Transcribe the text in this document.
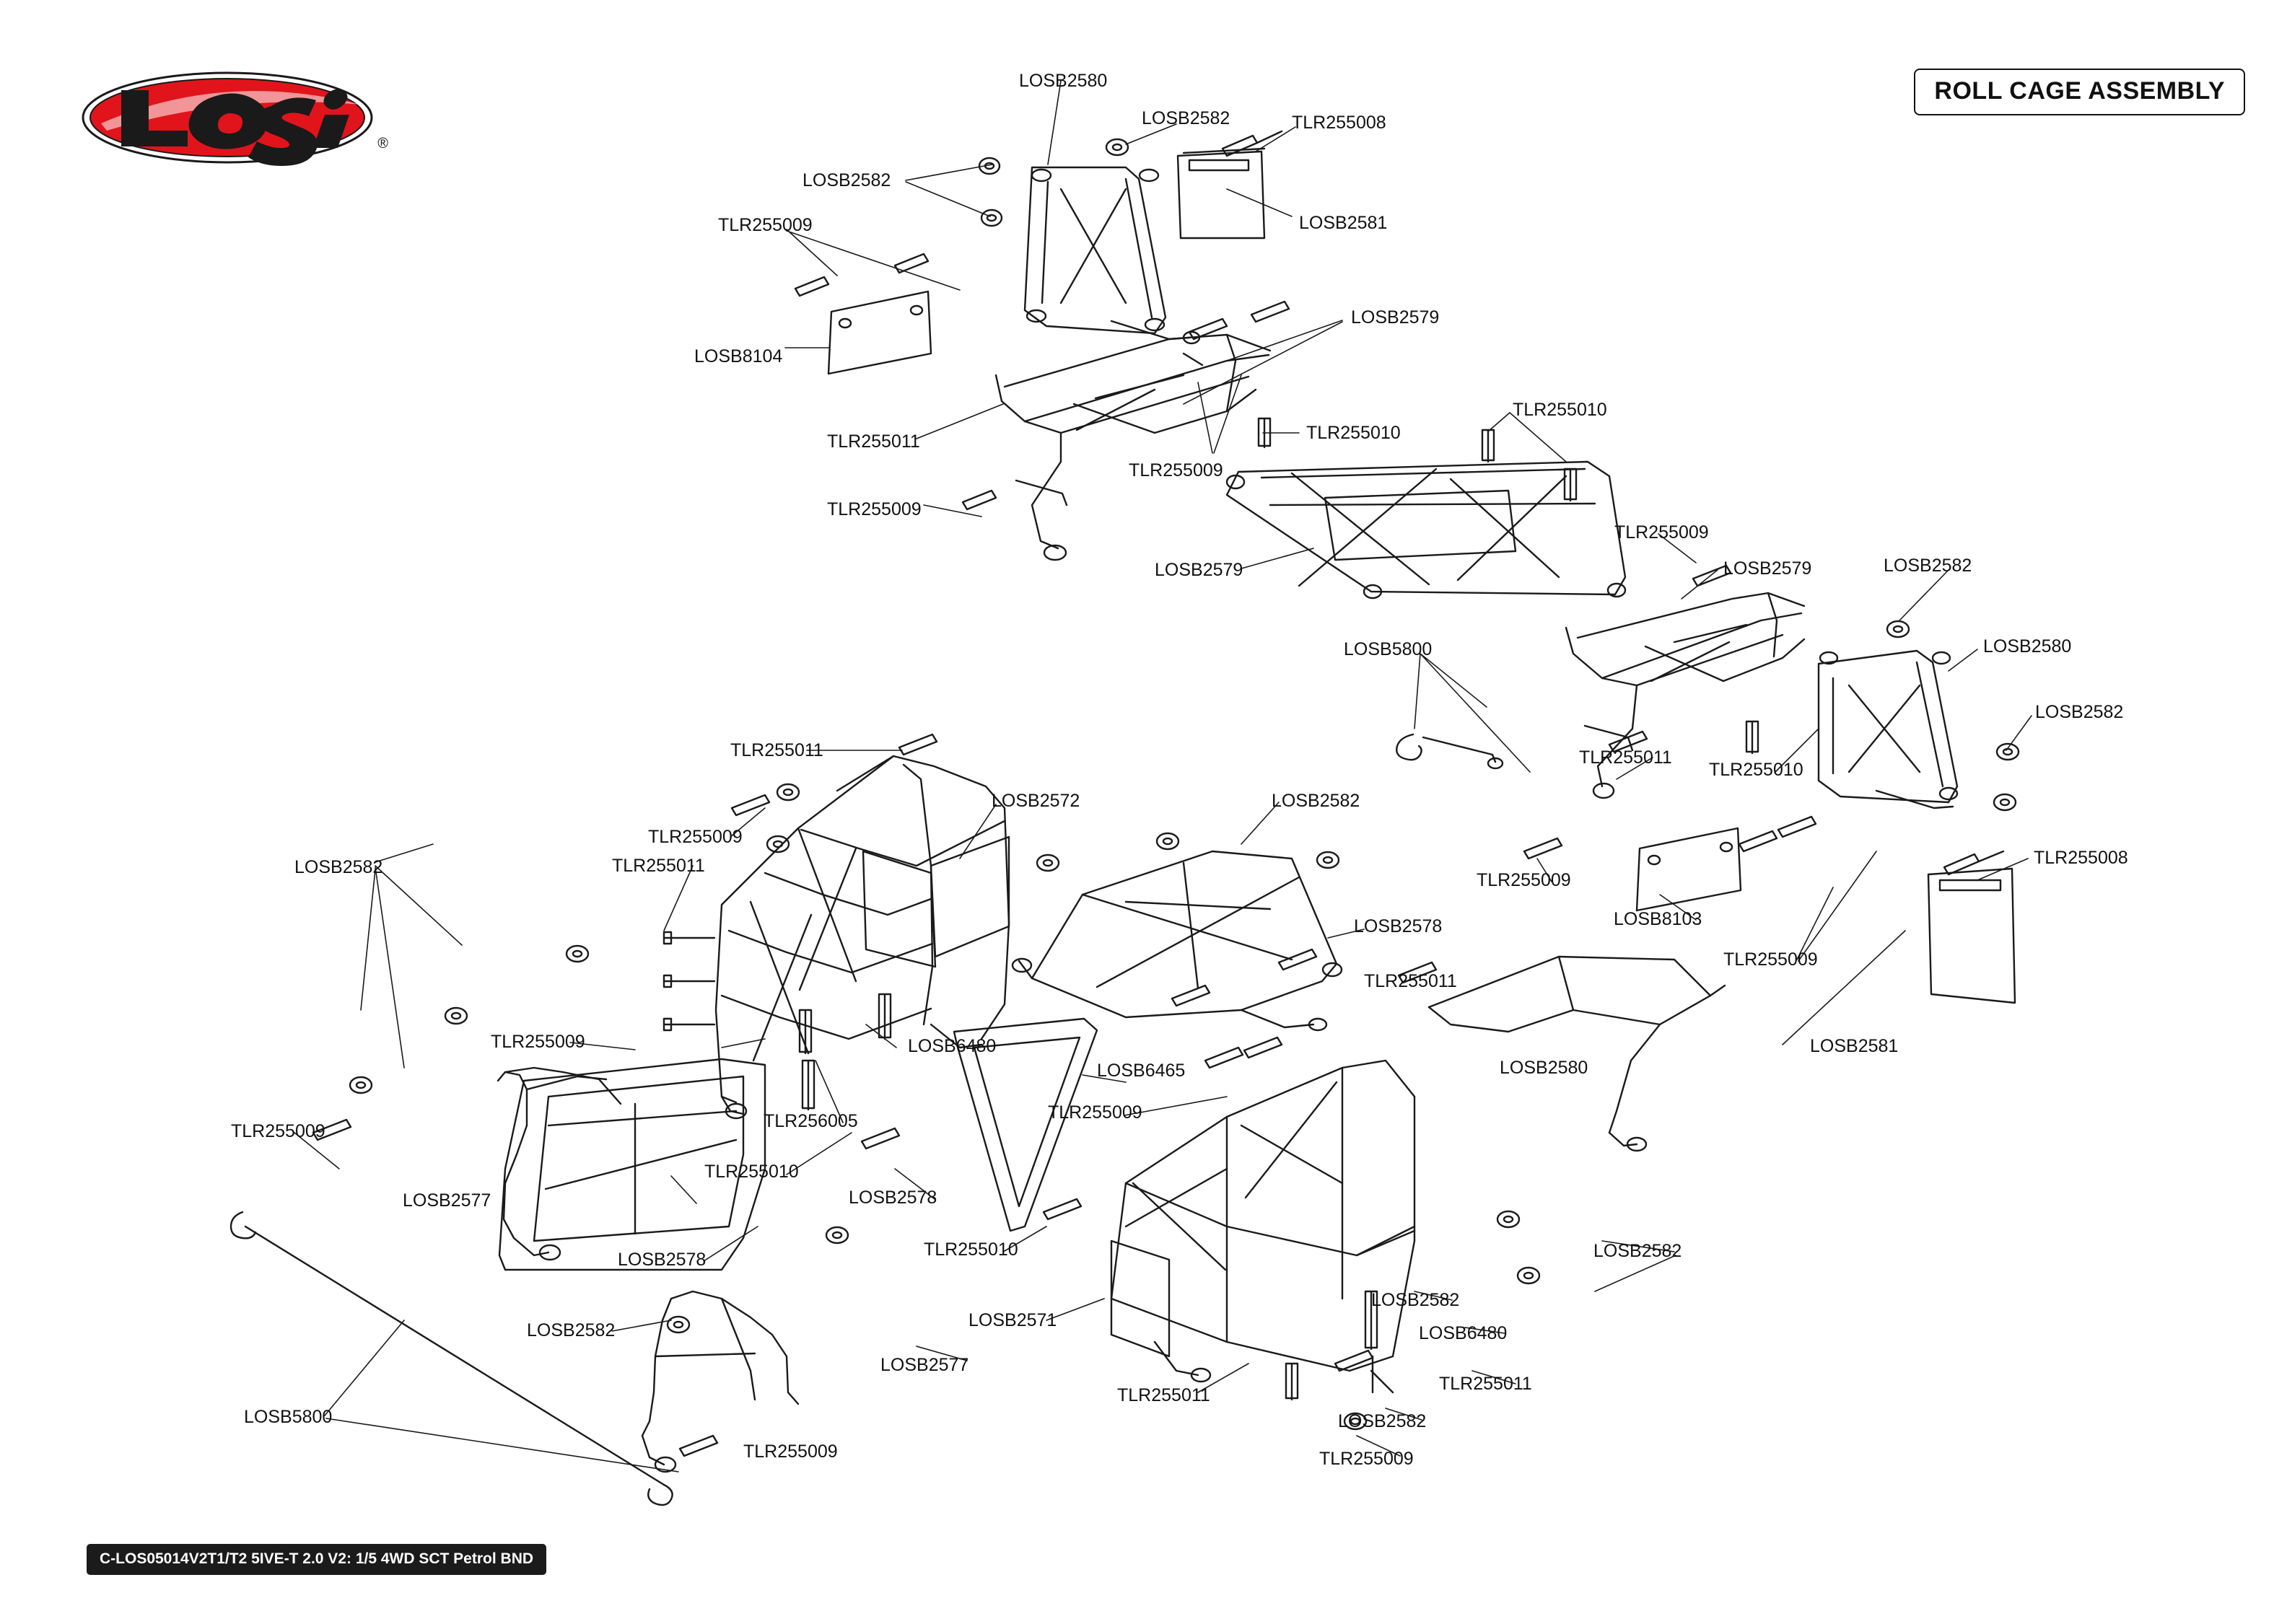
®
ROLL CAGE ASSEMBLY
LOSB2580
LOSB2582	TLR255008
LOSB2582
LOSB2581
TLR255009
LOSB2579
LOSB8104
TLR255010
TLR255011	TLR255010
TLR255009
TLR255009
TLR255009
LOSB2579	LOSB2579	LOSB2582
LOSB2580
LOSB5800
LOSB2582
TLR255011
TLR255010
TLR255008
TLR255011
LOSB2572	LOSB2582
TLR255009
LOSB2582	TLR255011
LOSB2578
TLR255009
LOSB8103
TLR255009
TLR255011
TLR255009	LOSB6480
LOSB2580
LOSB6465
LOSB2581
TLR255009
TLR256005
TLR255009
TLR255010
LOSB2578
LOSB2577
TLR255010	LOSB2582
LOSB2578
LOSB2582	LOSB2571
LOSB2582
LOSB6480
LOSB2577
TLR255011
LOSB5800
TLR255011
LOSB2582
TLR255009	TLR255009
C-LOS05014V2T1/T2 5IVE-T 2.0 V2: 1/5 4WD SCT Petrol BND
